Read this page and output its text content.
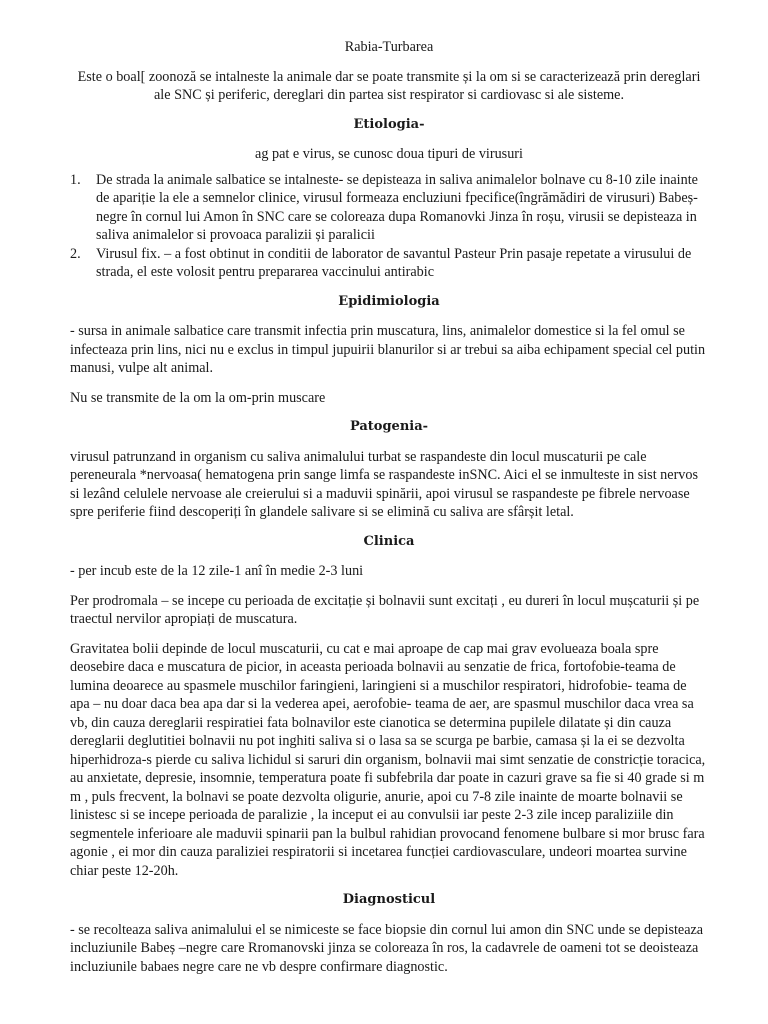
Rabia-Turbarea

Este o boal[ zoonoză se intalneste la animale dar se poate transmite și la om si se caracterizează prin dereglari ale SNC și periferic, dereglari din partea sist respirator si cardiovasc si ale sisteme.

Etiologia-

ag pat e virus, se cunosc doua tipuri de virusuri

1. De strada la animale salbatice se intalneste- se depisteaza in saliva animalelor bolnave cu 8-10 zile inainte de apariție la ele a semnelor clinice, virusul formeaza encluziuni fpecifice(îngrămădiri de virusuri) Babeș-negre în cornul lui Amon în SNC care se coloreaza dupa Romanovki Jinza în roșu, virusii se depisteaza in saliva animalelor si provoaca paralizii și paralicii
2. Virusul fix. – a fost obtinut in conditii de laborator de savantul Pasteur Prin pasaje repetate a virusului de strada, el este volosit pentru prepararea vaccinului antirabic

Epidimiologia

- sursa in animale salbatice care transmit infectia prin muscatura, lins, animalelor domestice si la fel omul se infecteaza prin lins, nici nu e exclus in timpul jupuirii blanurilor si ar trebui sa aiba echipament special cel putin manusi, vulpe alt animal.

Nu se transmite de la om la om-prin muscare

Patogenia-

virusul patrunzand in organism cu saliva animalului turbat se raspandeste din locul muscaturii pe cale pereneurala *nervoasa( hematogena prin sange limfa se raspandeste inSNC. Aici el se inmulteste in sist nervos si lezând celulele nervoase ale creierului si a maduvii spinării, apoi virusul se raspandeste pe fibrele nervoase spre periferie fiind descoperiți în glandele salivare si se elimină cu saliva are sfârșit letal.

Clinica

- per incub este de la 12 zile-1 anî în medie 2-3 luni

Per prodromala – se incepe cu perioada de excitație și bolnavii sunt excitați , eu dureri în locul mușcaturii și pe traectul nervilor apropiați de muscatura.

Gravitatea bolii depinde de locul muscaturii, cu cat e mai aproape de cap mai grav evolueaza boala spre deosebire daca e muscatura de picior, in aceasta perioada bolnavii au senzatie de frica, fortofobie-teama de lumina deoarece au spasmele muschilor faringieni, laringieni si a muschilor respiratori, hidrofobie- teama de apa – nu doar daca bea apa dar si la vederea apei, aerofobie- teama de aer, are spasmul muschilor daca vrea sa vb, din cauza dereglarii respiratiei fata bolnavilor este cianotica se determina pupilele dilatate și din cauza dereglarii deglutitiei bolnavii nu pot inghiti saliva si o lasa sa se scurga pe barbie, camasa și la ei se dezvolta hiperhidroza-s pierde cu saliva lichidul si saruri din organism, bolnavii mai simt senzatie de constricție toracica, au anxietate, depresie, insomnie, temperatura poate fi subfebrila dar poate in cazuri grave sa fie si 40 grade si m m , puls frecvent, la bolnavi se poate dezvolta oligurie, anurie, apoi cu 7-8 zile inainte de moarte bolnavii se linistesc si se incepe perioada de paralizie , la inceput ei au convulsii iar peste 2-3 zile incep paraliziile din segmentele inferioare ale maduvii spinarii pan la bulbul rahidian provocand fenomene bulbare si mor brusc fara agonie , ei mor din cauza paraliziei respiratorii si incetarea funcției cardiovasculare, undeori moartea survine chiar peste 12-20h.

Diagnosticul

- se recolteaza saliva animalului el se nimiceste se face biopsie din cornul lui amon din SNC unde se depisteaza incluziunile Babeș –negre care Rromanovski jinza se coloreaza în ros, la cadavrele de oameni tot se deoisteaza incluziunile babaes negre care ne vb despre confirmare diagnostic.
